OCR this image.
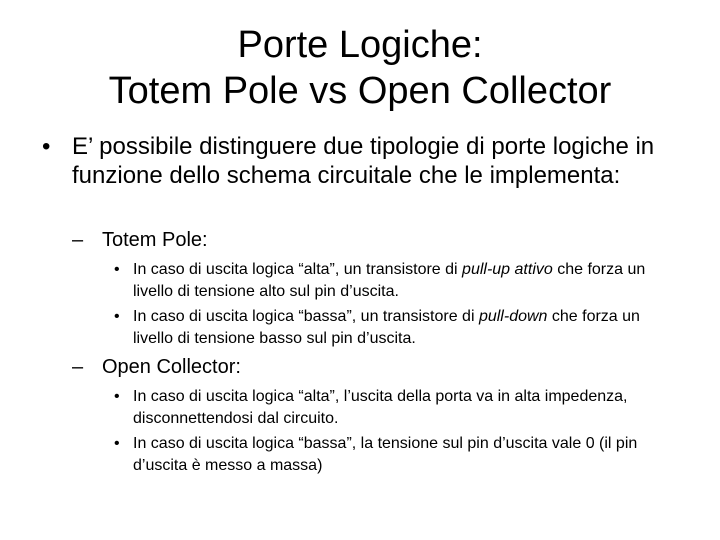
Porte Logiche:
Totem Pole vs Open Collector
• E’ possibile distinguere due tipologie di porte logiche in funzione dello schema circuitale che le implementa:
– Totem Pole:
• In caso di uscita logica “alta”, un transistore di pull-up attivo che forza un livello di tensione alto sul pin d’uscita.
• In caso di uscita logica “bassa”, un transistore di pull-down che forza un livello di tensione basso sul pin d’uscita.
– Open Collector:
• In caso di uscita logica “alta”, l’uscita della porta va in alta impedenza, disconnettendosi dal circuito.
• In caso di uscita logica “bassa”, la tensione sul pin d’uscita vale 0 (il pin d’uscita è messo a massa)
